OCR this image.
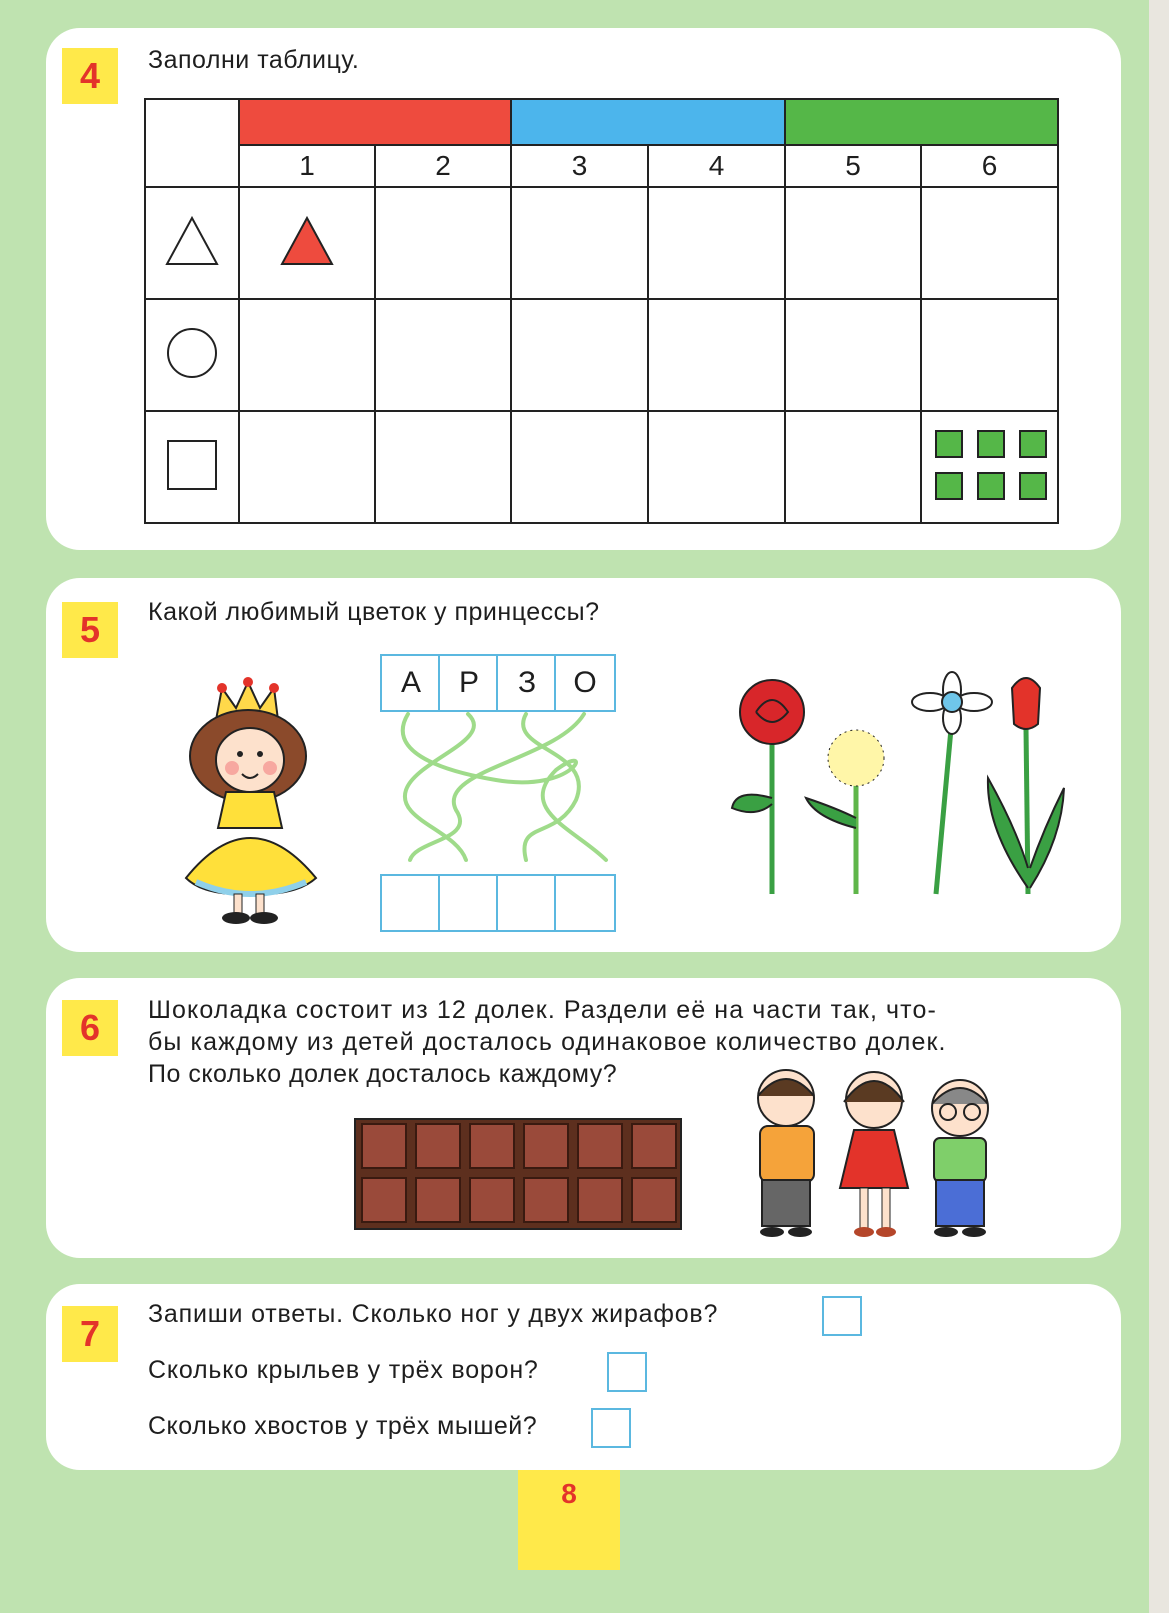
4	Заполни таблицу.

	1	2	3	4	5	6

5	Какой любимый цветок у принцессы?
А	Р	З	О
6	Шоколадка состоит из 12 долек. Раздели её на части так, что-
бы каждому из детей досталось одинаковое количество долек.
По сколько долек досталось каждому?
7	Запиши ответы. Сколько ног у двух жирафов?
Сколько крыльев у трёх ворон?
Сколько хвостов у трёх мышей?
8
